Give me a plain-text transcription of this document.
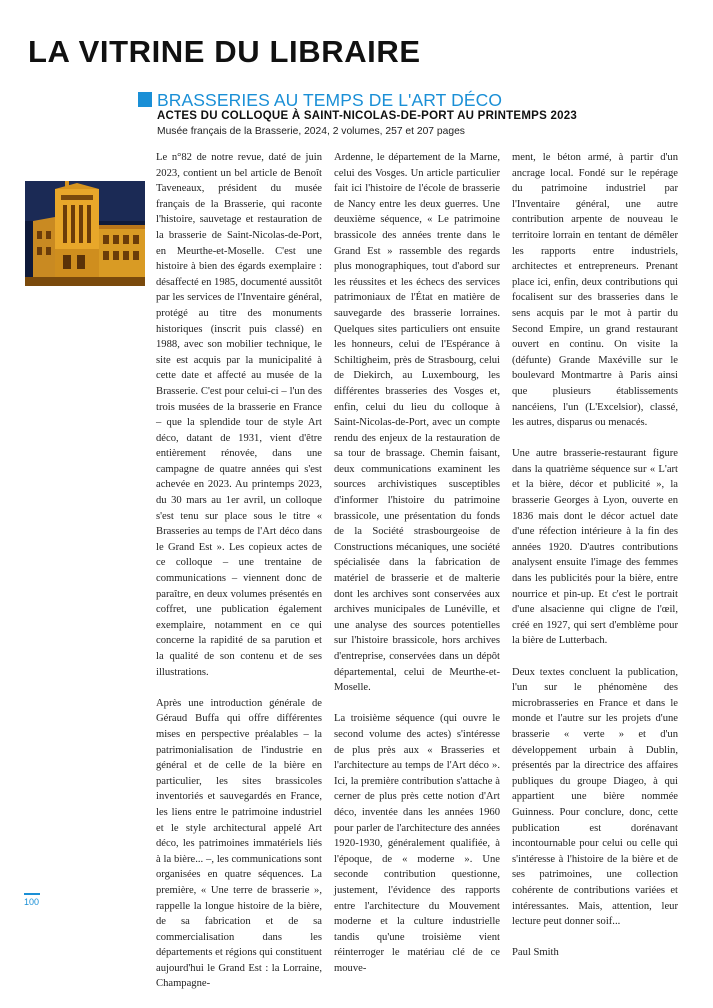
LA VITRINE DU LIBRAIRE
BRASSERIES AU TEMPS DE L'ART DÉCO
ACTES DU COLLOQUE À SAINT-NICOLAS-DE-PORT AU PRINTEMPS 2023
Musée français de la Brasserie, 2024, 2 volumes, 257 et 207 pages

Le n°82 de notre revue, daté de juin 2023, contient un bel article de Benoît Taveneaux, président du musée français de la Brasserie, qui raconte l'histoire, sauvetage et restauration de la brasserie de Saint-Nicolas-de-Port, en Meurthe-et-Moselle. C'est une histoire à bien des égards exemplaire : désaffecté en 1985, documenté aussitôt par les services de l'Inventaire général, protégé au titre des monuments historiques (inscrit puis classé) en 1988, avec son mobilier technique, le site est acquis par la municipalité à cette date et affecté au musée de la Brasserie. C'est pour celui-ci – l'un des trois musées de la brasserie en France – que la splendide tour de style Art déco, datant de 1931, vient d'être entièrement rénovée, dans une campagne de quatre années qui s'est achevée en 2023. Au printemps 2023, du 30 mars au 1er avril, un colloque s'est tenu sur place sous le titre « Brasseries au temps de l'Art déco dans le Grand Est ». Les copieux actes de ce colloque – une trentaine de communications – viennent donc de paraître, en deux volumes présentés en coffret, une publication également exemplaire, notamment en ce qui concerne la rapidité de sa parution et la qualité de son contenu et de ses illustrations.

Après une introduction générale de Géraud Buffa qui offre différentes mises en perspective préalables – la patrimonialisation de l'industrie en général et de celle de la bière en particulier, les sites brassicoles inventoriés et sauvegardés en France, les liens entre le patrimoine industriel et le style architectural appelé Art déco, les patrimoines immatériels liés à la bière... –, les communications sont organisées en quatre séquences. La première, « Une terre de brasserie », rappelle la longue histoire de la bière, de sa fabrication et de sa commercialisation dans les départements et régions qui constituent aujourd'hui le Grand Est : la Lorraine, Champagne-

Ardenne, le département de la Marne, celui des Vosges. Un article particulier fait ici l'histoire de l'école de brasserie de Nancy entre les deux guerres. Une deuxième séquence, « Le patrimoine brassicole des années trente dans le Grand Est » rassemble des regards plus monographiques, tout d'abord sur les réussites et les échecs des services patrimoniaux de l'État en matière de sauvegarde des brasserie lorraines. Quelques sites particuliers ont ensuite les honneurs, celui de l'Espérance à Schiltigheim, près de Strasbourg, celui de Diekirch, au Luxembourg, les différentes brasseries des Vosges et, enfin, celui du lieu du colloque à Saint-Nicolas-de-Port, avec un compte rendu des enjeux de la restauration de sa tour de brassage. Chemin faisant, deux communications examinent les sources archivistiques susceptibles d'informer l'histoire du patrimoine brassicole, une présentation du fonds de la Société strasbourgeoise de Constructions mécaniques, une société spécialisée dans la fabrication de matériel de brasserie et de malterie dont les archives sont conservées aux archives municipales de Lunéville, et une analyse des sources potentielles sur l'histoire brassicole, hors archives d'entreprise, conservées dans un dépôt départemental, celui de Meurthe-et-Moselle.

La troisième séquence (qui ouvre le second volume des actes) s'intéresse de plus près aux « Brasseries et l'architecture au temps de l'Art déco ». Ici, la première contribution s'attache à cerner de plus près cette notion d'Art déco, inventée dans les années 1960 pour parler de l'architecture des années 1920-1930, généralement qualifiée, à l'époque, de « moderne ». Une seconde contribution questionne, justement, l'évidence des rapports entre l'architecture du Mouvement moderne et la culture industrielle tandis qu'une troisième vient réinterroger le matériau clé de ce mouve-

ment, le béton armé, à partir d'un ancrage local. Fondé sur le repérage du patrimoine industriel par l'Inventaire général, une autre contribution arpente de nouveau le territoire lorrain en tentant de démêler les rapports entre industriels, architectes et entrepreneurs. Prenant place ici, enfin, deux contributions qui focalisent sur des brasseries dans le sens acquis par le mot à partir du Second Empire, un grand restaurant ouvert en continu. On visite la (défunte) Grande Maxéville sur le boulevard Montmartre à Paris ainsi que plusieurs établissements nancéiens, l'un (L'Excelsior), classé, les autres, disparus ou menacés.

Une autre brasserie-restaurant figure dans la quatrième séquence sur « L'art et la bière, décor et publicité », la brasserie Georges à Lyon, ouverte en 1836 mais dont le décor actuel date d'une réfection intérieure à la fin des années 1920. D'autres contributions analysent ensuite l'image des femmes dans les publicités pour la bière, entre nourrice et pin-up. Et c'est le portrait d'une alsacienne qui cligne de l'œil, créé en 1927, qui sert d'emblème pour la bière de Lutterbach.

Deux textes concluent la publication, l'un sur le phénomène des microbrasseries en France et dans le monde et l'autre sur les projets d'une brasserie « verte » et d'un développement urbain à Dublin, présentés par la directrice des affaires publiques du groupe Diageo, à qui appartient une bière nommée Guinness. Pour conclure, donc, cette publication est dorénavant incontournable pour celui ou celle qui s'intéresse à l'histoire de la bière et de ses patrimoines, une collection cohérente de contributions variées et intéressantes. Mais, attention, leur lecture peut donner soif...

Paul Smith

100
